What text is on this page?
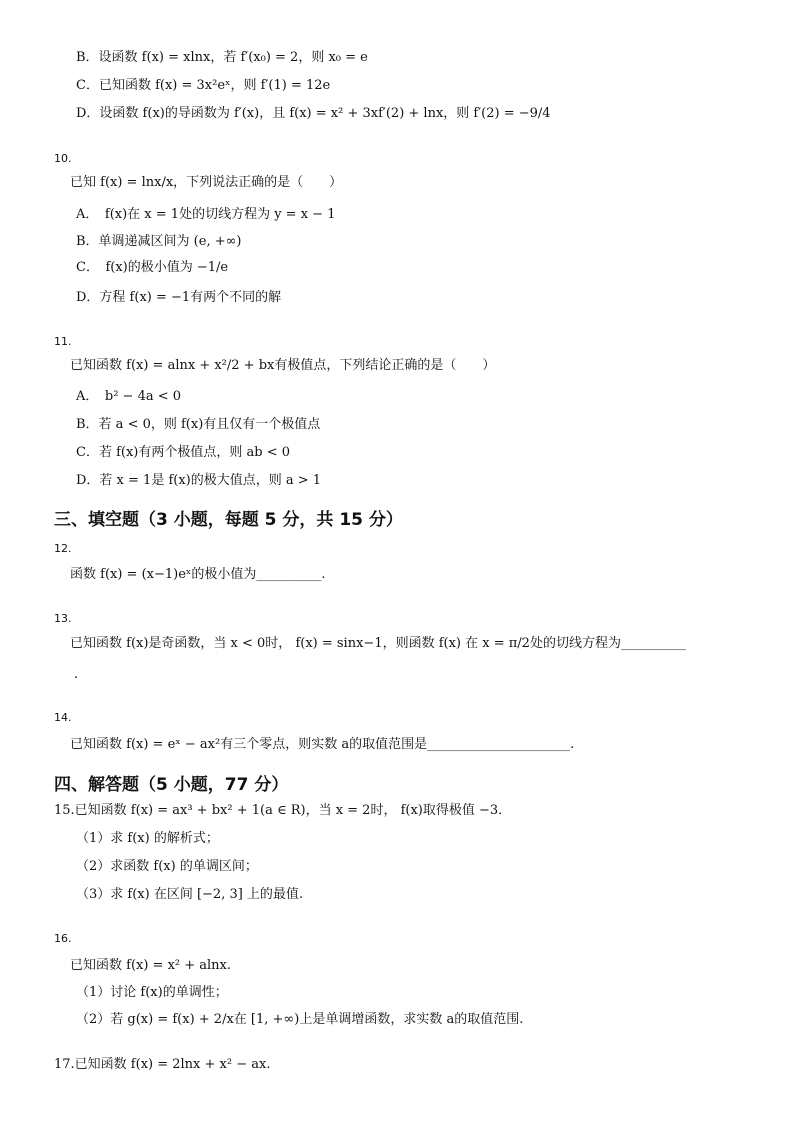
B．设函数 f(x) = xlnx，若 f′(x₀) = 2，则 x₀ = e
C．已知函数 f(x) = 3x²eˣ，则 f′(1) = 12e
D．设函数 f(x)的导函数为 f′(x)，且 f(x) = x² + 3xf′(2) + lnx，则 f′(2) = −9/4
10.
已知 f(x) = lnx/x，下列说法正确的是（　　）
A．　f(x)在 x = 1处的切线方程为 y = x − 1
B．单调递减区间为 (e, +∞)
C．　f(x)的极小值为 −1/e
D．方程 f(x) = −1有两个不同的解
11.
已知函数 f(x) = alnx + x²/2 + bx有极值点，下列结论正确的是（　　）
A．　b² − 4a < 0
B．若 a < 0，则 f(x)有且仅有一个极值点
C．若 f(x)有两个极值点，则 ab < 0
D．若 x = 1是 f(x)的极大值点，则 a > 1
三、填空题（3 小题，每题 5 分，共 15 分）
12.
函数 f(x) = (x−1)eˣ的极小值为__________.
13.
已知函数 f(x)是奇函数，当 x < 0时， f(x) = sinx−1，则函数 f(x) 在 x = π/2处的切线方程为__________
.
14.
已知函数 f(x) = eˣ − ax²有三个零点，则实数 a的取值范围是______________________.
四、解答题（5 小题，77 分）
15.已知函数 f(x) = ax³ + bx² + 1(a ∈ R)，当 x = 2时， f(x)取得极值 −3．
（1）求 f(x) 的解析式；
（2）求函数 f(x) 的单调区间；
（3）求 f(x) 在区间 [−2, 3] 上的最值.
16.
已知函数 f(x) = x² + alnx.
（1）讨论 f(x)的单调性；
（2）若 g(x) = f(x) + 2/x在 [1, +∞)上是单调增函数，求实数 a的取值范围.
17.已知函数 f(x) = 2lnx + x² − ax.
